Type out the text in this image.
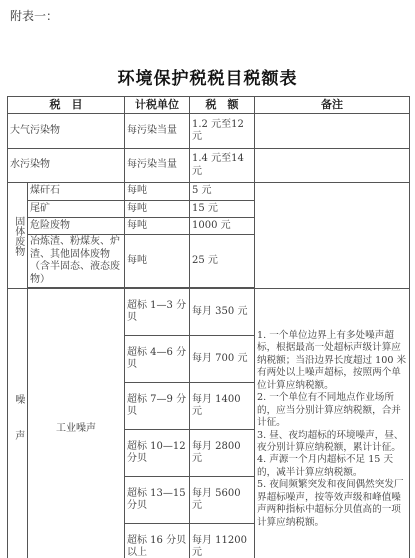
附表一：
环境保护税税目税额表
税　目		计税单位	税　额	备注
大气污染物		每污染当量	1.2 元至12 元	
水污染物		每污染当量	1.4 元至14 元	
固体废物	煤矸石	每吨	5 元	
	尾矿	每吨	15 元	
	危险废物	每吨	1000 元	
	冶炼渣、粉煤灰、炉渣、其他固体废物（含半固态、液态废物）	每吨	25 元	

噪声	工业噪声	超标 1—3 分贝	每月 350 元	1. 一个单位边界上有多处噪声超标，根据最高一处超标声级计算应纳税额；当沿边界长度超过 100 米有两处以上噪声超标，按照两个单位计算应纳税额。

2. 一个单位有不同地点作业场所的，应当分别计算应纳税额，合并计征。

3. 昼、夜均超标的环境噪声，昼、夜分别计算应纳税额，累计计征。

4. 声源一个月内超标不足 15 天的，减半计算应纳税额。

5. 夜间频繁突发和夜间偶然突发厂界超标噪声，按等效声级和峰值噪声两种指标中超标分贝值高的一项计算应纳税额。

		超标 4—6 分贝	每月 700 元	
		超标 7—9 分贝	每月 1400 元	
		超标 10—12 分贝	每月 2800 元	
		超标 13—15 分贝	每月 5600 元	
		超标 16 分贝以上	每月 11200 元	
